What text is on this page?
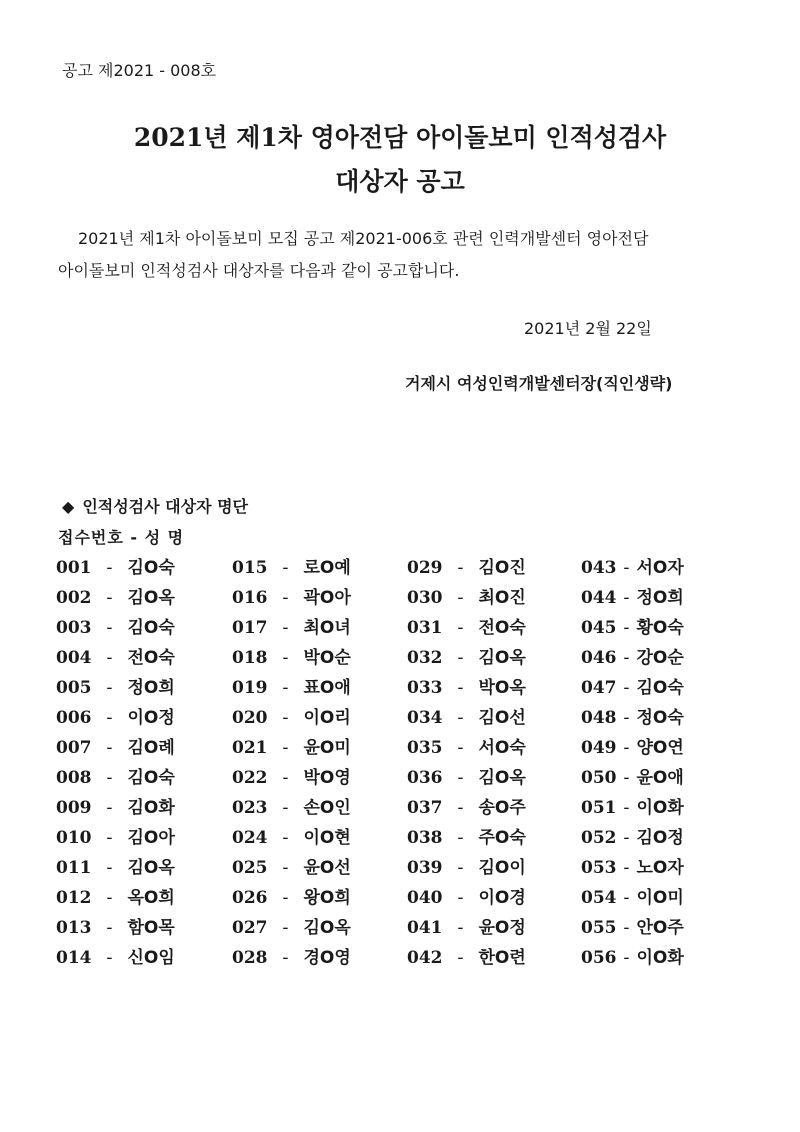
공고 제2021 - 008호
2021년 제1차 영아전담 아이돌보미 인적성검사
대상자 공고
2021년 제1차 아이돌보미 모집 공고 제2021-006호 관련 인력개발센터 영아전담
아이돌보미 인적성검사 대상자를 다음과 같이 공고합니다.
2021년 2월 22일
거제시 여성인력개발센터장(직인생략)
◆ 인적성검사 대상자 명단
접수번호 - 성 명
001 - 김O숙	015 - 로O예	029 - 김O진	043 - 서O자
002 - 김O옥	016 - 곽O아	030 - 최O진	044 - 정O희
003 - 김O숙	017 - 최O녀	031 - 전O숙	045 - 황O숙
004 - 전O숙	018 - 박O순	032 - 김O옥	046 - 강O순
005 - 정O희	019 - 표O애	033 - 박O옥	047 - 김O숙
006 - 이O정	020 - 이O리	034 - 김O선	048 - 정O숙
007 - 김O례	021 - 윤O미	035 - 서O숙	049 - 양O연
008 - 김O숙	022 - 박O영	036 - 김O옥	050 - 윤O애
009 - 김O화	023 - 손O인	037 - 송O주	051 - 이O화
010 - 김O아	024 - 이O현	038 - 주O숙	052 - 김O정
011 - 김O옥	025 - 윤O선	039 - 김O이	053 - 노O자
012 - 옥O희	026 - 왕O희	040 - 이O경	054 - 이O미
013 - 함O목	027 - 김O옥	041 - 윤O정	055 - 안O주
014 - 신O임	028 - 경O영	042 - 한O련	056 - 이O화
